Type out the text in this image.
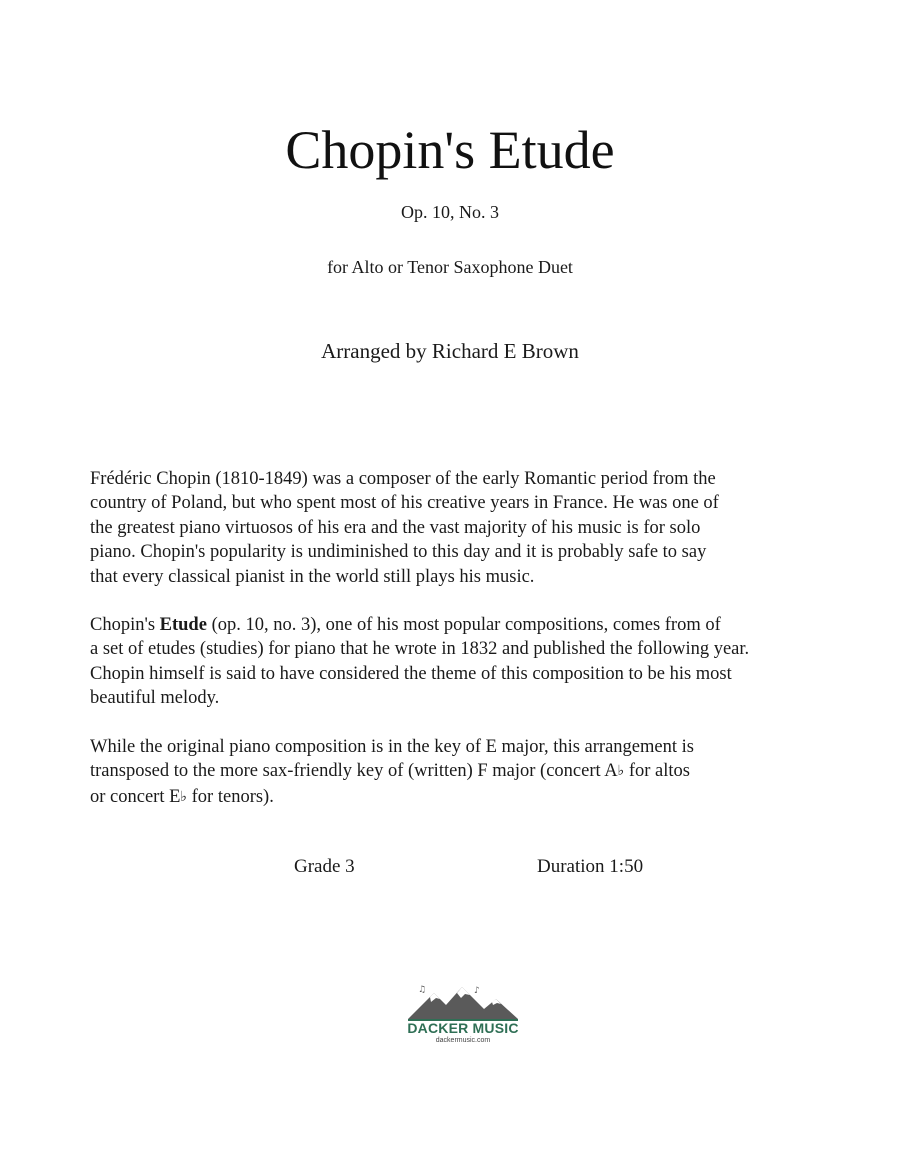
Chopin's Etude
Op. 10, No. 3
for Alto or Tenor Saxophone Duet
Arranged by Richard E Brown
Frédéric Chopin (1810-1849) was a composer of the early Romantic period from the
country of Poland, but who spent most of his creative years in France. He was one of
the greatest piano virtuosos of his era and the vast majority of his music is for solo
piano. Chopin's popularity is undiminished to this day and it is probably safe to say
that every classical pianist in the world still plays his music.
Chopin's Etude (op. 10, no. 3), one of his most popular compositions, comes from of
a set of etudes (studies) for piano that he wrote in 1832 and published the following year.
Chopin himself is said to have considered the theme of this composition to be his most
beautiful melody.
While the original piano composition is in the key of E major, this arrangement is
transposed to the more sax-friendly key of (written) F major (concert A♭ for altos
or concert E♭ for tenors).
Grade 3	Duration 1:50
♫	♪
DACKER MUSIC
dackermusic.com
